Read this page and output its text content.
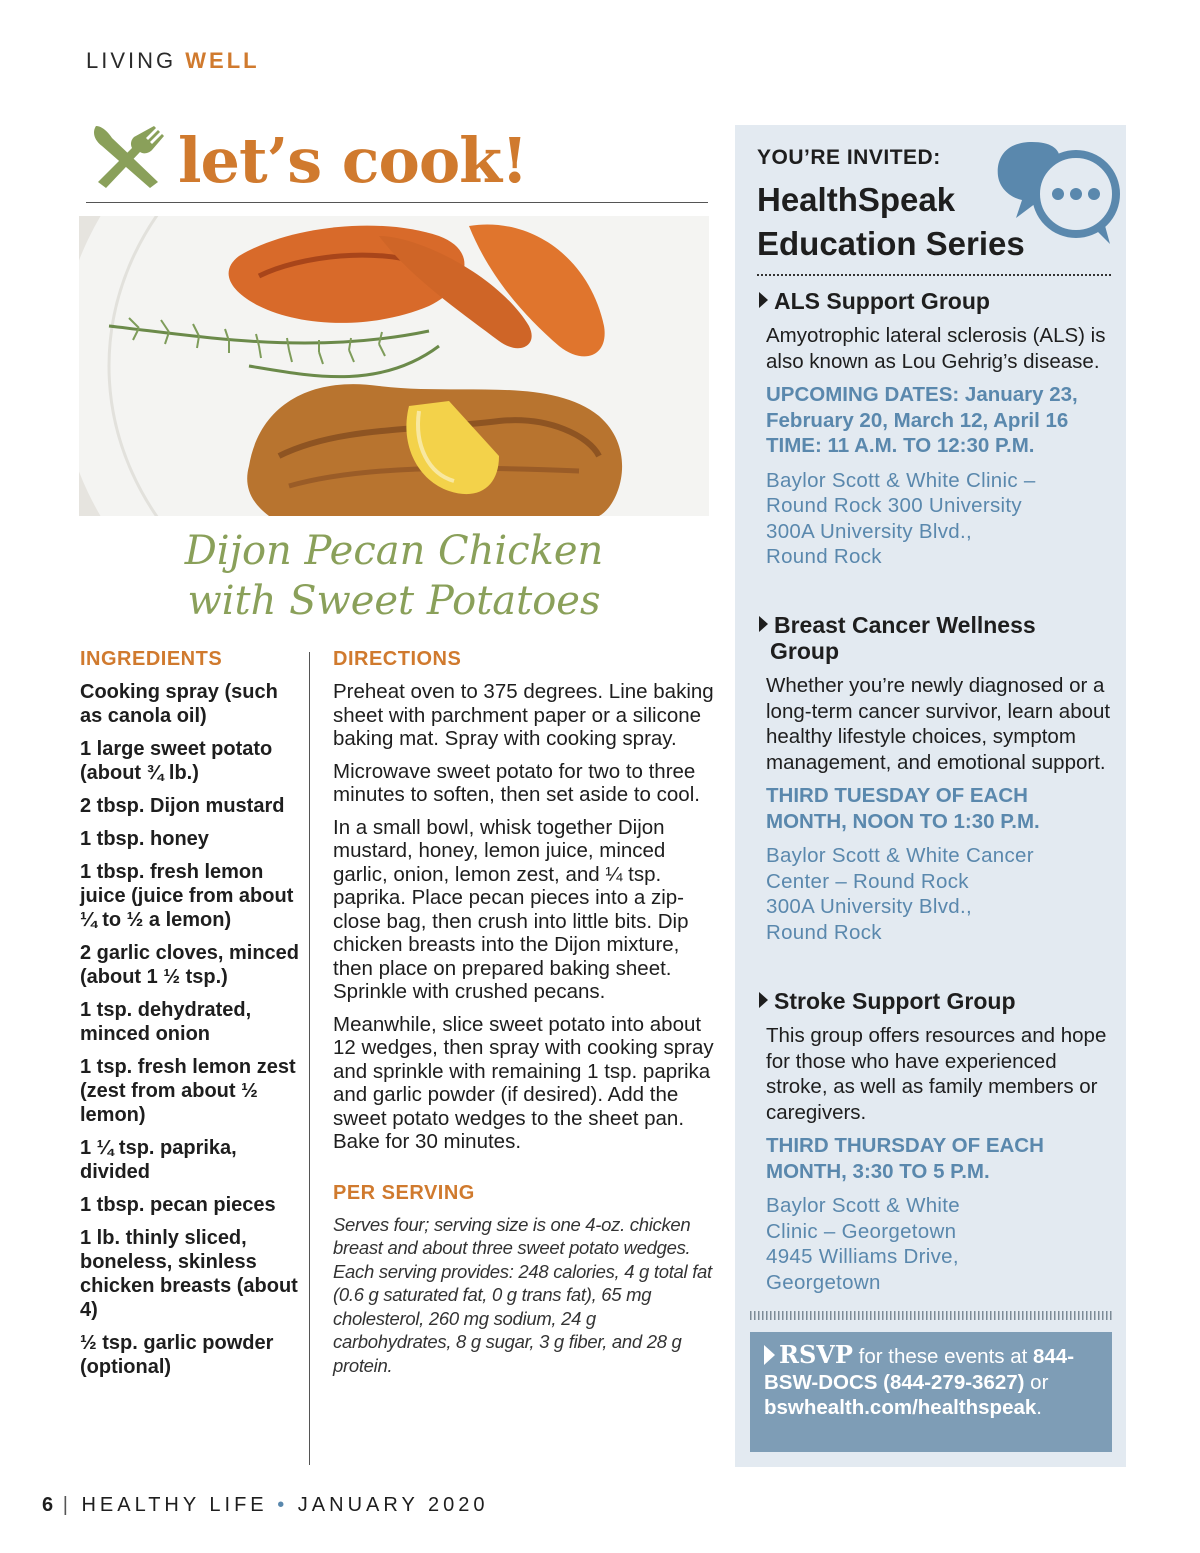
LIVING WELL
let’s cook!
Dijon Pecan Chicken
with Sweet Potatoes
INGREDIENTS
Cooking spray (such as canola oil)
1 large sweet potato (about ¾ lb.)
2 tbsp. Dijon mustard
1 tbsp. honey
1 tbsp. fresh lemon juice (juice from about ¼ to ½ a lemon)
2 garlic cloves, minced (about 1 ½ tsp.)
1 tsp. dehydrated, minced onion
1 tsp. fresh lemon zest (zest from about ½ lemon)
1 ¼ tsp. paprika, divided
1 tbsp. pecan pieces
1 lb. thinly sliced, boneless, skinless chicken breasts (about 4)
½ tsp. garlic powder (optional)
DIRECTIONS

Preheat oven to 375 degrees. Line baking sheet with parchment paper or a silicone baking mat. Spray with cooking spray.

Microwave sweet potato for two to three minutes to soften, then set aside to cool.

In a small bowl, whisk together Dijon mustard, honey, lemon juice, minced garlic, onion, lemon zest, and ¼ tsp. paprika. Place pecan pieces into a zip-close bag, then crush into little bits. Dip chicken breasts into the Dijon mixture, then place on prepared baking sheet. Sprinkle with crushed pecans.

Meanwhile, slice sweet potato into about 12 wedges, then spray with cooking spray and sprinkle with remaining 1 tsp. paprika and garlic powder (if desired). Add the sweet potato wedges to the sheet pan. Bake for 30 minutes.

PER SERVING
Serves four; serving size is one 4-oz. chicken breast and about three sweet potato wedges. Each serving provides: 248 calories, 4 g total fat (0.6 g saturated fat, 0 g trans fat), 65 mg cholesterol, 260 mg sodium, 24 g carbohydrates, 8 g sugar, 3 g fiber, and 28 g protein.
YOU’RE INVITED:
HealthSpeak
Education Series
ALS Support Group
Amyotrophic lateral sclerosis (ALS) is also known as Lou Gehrig’s disease.
UPCOMING DATES: January 23,
February 20, March 12, April 16
TIME: 11 A.M. TO 12:30 P.M.
Baylor Scott & White Clinic –
Round Rock 300 University
300A University Blvd.,
Round Rock
Breast Cancer Wellness
Group
Whether you’re newly diagnosed or a long-term cancer survivor, learn about healthy lifestyle choices, symptom management, and emotional support.
THIRD TUESDAY OF EACH
MONTH, NOON TO 1:30 P.M.
Baylor Scott & White Cancer
Center – Round Rock
300A University Blvd.,
Round Rock
Stroke Support Group
This group offers resources and hope for those who have experienced stroke, as well as family members or caregivers.
THIRD THURSDAY OF EACH
MONTH, 3:30 TO 5 P.M.
Baylor Scott & White
Clinic – Georgetown
4945 Williams Drive,
Georgetown
RSVP for these events at 844-BSW-DOCS (844-279-3627) or bswhealth.com/healthspeak.
6 | HEALTHY LIFE • JANUARY 2020
